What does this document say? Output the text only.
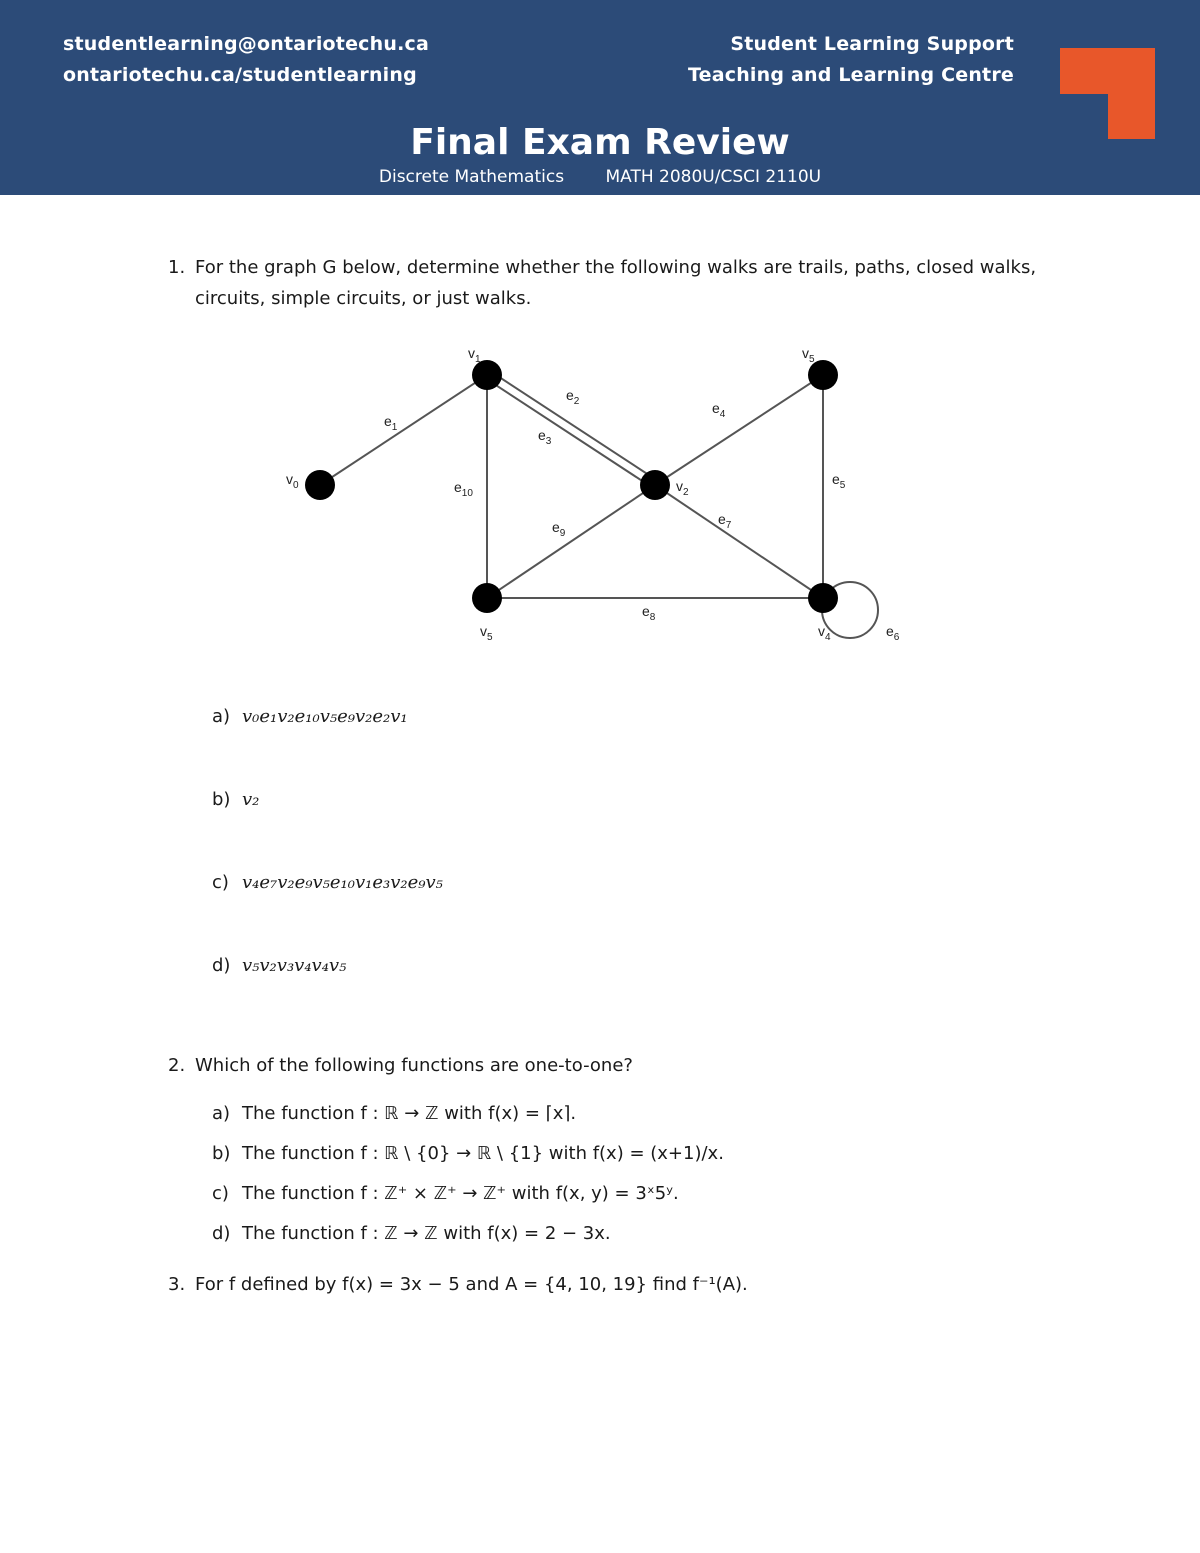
studentlearning@ontariotechu.ca
ontariotechu.ca/studentlearning
Student Learning Support
Teaching and Learning Centre
Final Exam Review
Discrete Mathematics MATH 2080U/CSCI 2110U
1. For the graph G below, determine whether the following walks are trails, paths, closed walks,
circuits, simple circuits, or just walks.
$v_1$	$v_5$
$v_0$	$v_2$
$v_5$	$v_4$
$e_1$
$e_2$
$e_3$
$e_4$
$e_5$
$e_6$
$e_7$
$e_8$
$e_9$
$e_{10}$
a) v₀e₁v₂e₁₀v₅e₉v₂e₂v₁
b) v₂
c) v₄e₇v₂e₉v₅e₁₀v₁e₃v₂e₉v₅
d) v₅v₂v₃v₄v₄v₅
2. Which of the following functions are one-to-one?
a) The function f : ℝ → ℤ with f(x) = ⌈x⌉.
b) The function f : ℝ \ {0} → ℝ \ {1} with f(x) = (x+1)/x.
c) The function f : ℤ⁺ × ℤ⁺ → ℤ⁺ with f(x, y) = 3ˣ5ʸ.
d) The function f : ℤ → ℤ with f(x) = 2 − 3x.
3. For f defined by f(x) = 3x − 5 and A = {4, 10, 19} find f⁻¹(A).
